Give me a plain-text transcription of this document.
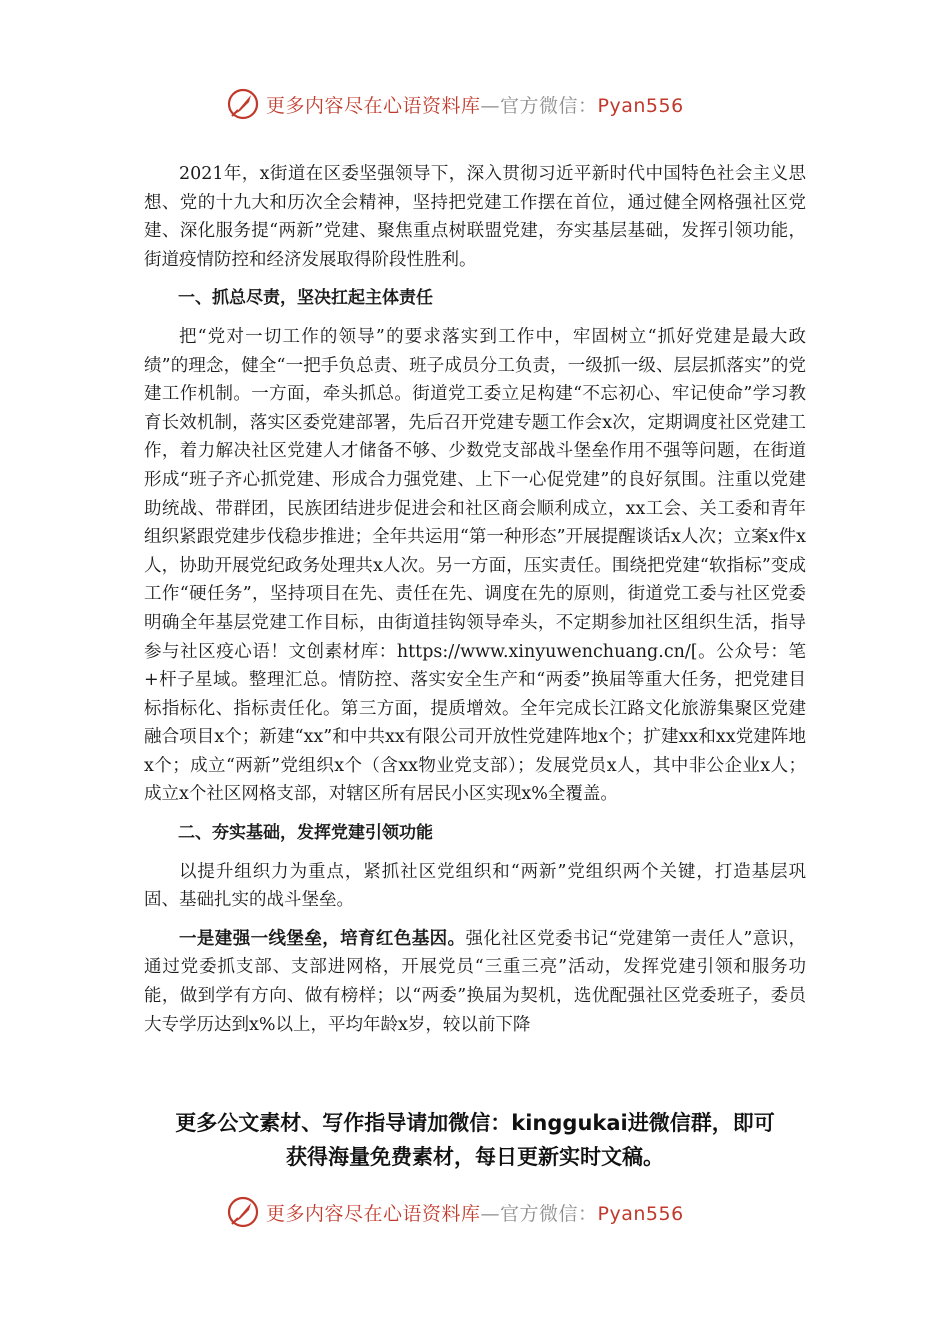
更多内容尽在心语资料库—官方微信：Pyan556

2021年，x街道在区委坚强领导下，深入贯彻习近平新时代中国特色社会主义思想、党的十九大和历次全会精神，坚持把党建工作摆在首位，通过健全网格强社区党建、深化服务提“两新”党建、聚焦重点树联盟党建，夯实基层基础，发挥引领功能，街道疫情防控和经济发展取得阶段性胜利。

一、抓总尽责，坚决扛起主体责任

把“党对一切工作的领导”的要求落实到工作中，牢固树立“抓好党建是最大政绩”的理念，健全“一把手负总责、班子成员分工负责，一级抓一级、层层抓落实”的党建工作机制。一方面，牵头抓总。街道党工委立足构建“不忘初心、牢记使命”学习教育长效机制，落实区委党建部署，先后召开党建专题工作会x次，定期调度社区党建工作，着力解决社区党建人才储备不够、少数党支部战斗堡垒作用不强等问题，在街道形成“班子齐心抓党建、形成合力强党建、上下一心促党建”的良好氛围。注重以党建助统战、带群团，民族团结进步促进会和社区商会顺利成立，xx工会、关工委和青年组织紧跟党建步伐稳步推进；全年共运用“第一种形态”开展提醒谈话x人次；立案x件x人，协助开展党纪政务处理共x人次。另一方面，压实责任。围绕把党建“软指标”变成工作“硬任务”，坚持项目在先、责任在先、调度在先的原则，街道党工委与社区党委明确全年基层党建工作目标，由街道挂钩领导牵头，不定期参加社区组织生活，指导参与社区疫心语！文创素材库：https://www.xinyuwenchuang.cn/[。公众号：笔+杆子星域。整理汇总。情防控、落实安全生产和“两委”换届等重大任务，把党建目标指标化、指标责任化。第三方面，提质增效。全年完成长江路文化旅游集聚区党建融合项目x个；新建“xx”和中共xx有限公司开放性党建阵地x个；扩建xx和xx党建阵地x个；成立“两新”党组织x个（含xx物业党支部）；发展党员x人，其中非公企业x人；成立x个社区网格支部，对辖区所有居民小区实现x%全覆盖。

二、夯实基础，发挥党建引领功能

以提升组织力为重点，紧抓社区党组织和“两新”党组织两个关键，打造基层巩固、基础扎实的战斗堡垒。

一是建强一线堡垒，培育红色基因。强化社区党委书记“党建第一责任人”意识，通过党委抓支部、支部进网格，开展党员“三重三亮”活动，发挥党建引领和服务功能，做到学有方向、做有榜样；以“两委”换届为契机，选优配强社区党委班子，委员大专学历达到x%以上，平均年龄x岁，较以前下降

更多公文素材、写作指导请加微信：kinggukai进微信群，即可
获得海量免费素材，每日更新实时文稿。
更多内容尽在心语资料库—官方微信：Pyan556
